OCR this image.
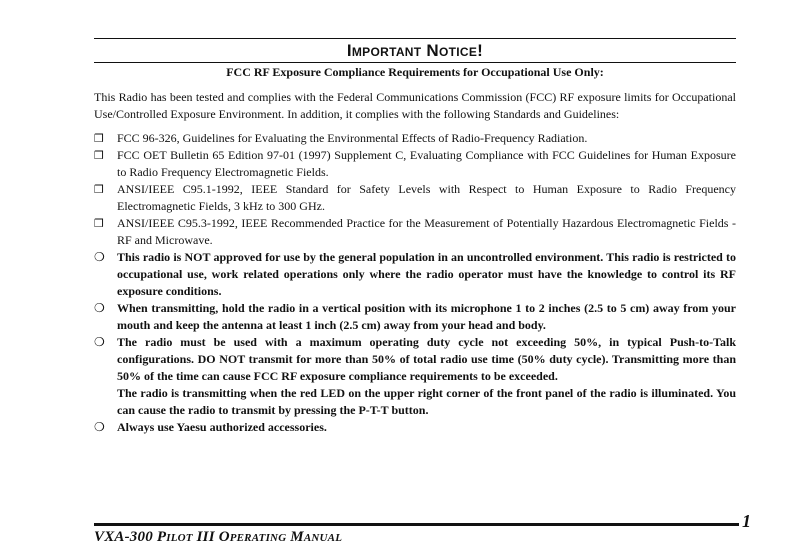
Important Notice!
FCC RF Exposure Compliance Requirements for Occupational Use Only:
This Radio has been tested and complies with the Federal Communications Commission (FCC) RF exposure limits for Occupational Use/Controlled Exposure Environment. In addition, it complies with the following Standards and Guidelines:
❒	FCC 96-326, Guidelines for Evaluating the Environmental Effects of Radio-Frequency Radiation.
❒	FCC OET Bulletin 65 Edition 97-01 (1997) Supplement C, Evaluating Compliance with FCC Guidelines for Human Exposure to Radio Frequency Electromagnetic Fields.
❒	ANSI/IEEE C95.1-1992, IEEE Standard for Safety Levels with Respect to Human Exposure to Radio Frequency Electromagnetic Fields, 3 kHz to 300 GHz.
❒	ANSI/IEEE C95.3-1992, IEEE Recommended Practice for the Measurement of Potentially Hazardous Electromagnetic Fields - RF and Microwave.
❍ This radio is NOT approved for use by the general population in an uncontrolled environment. This radio is restricted to occupational use, work related operations only where the radio operator must have the knowledge to control its RF exposure conditions.
❍ When transmitting, hold the radio in a vertical position with its microphone 1 to 2 inches (2.5 to 5 cm) away from your mouth and keep the antenna at least 1 inch (2.5 cm) away from your head and body.
❍ The radio must be used with a maximum operating duty cycle not exceeding 50%, in typical Push-to-Talk configurations. DO NOT transmit for more than 50% of total radio use time (50% duty cycle). Transmitting more than 50% of the time can cause FCC RF exposure compliance requirements to be exceeded.
The radio is transmitting when the red LED on the upper right corner of the front panel of the radio is illuminated. You can cause the radio to transmit by pressing the P-T-T button.
❍ Always use Yaesu authorized accessories.
VXA-300 Pilot III Operating Manual
1
